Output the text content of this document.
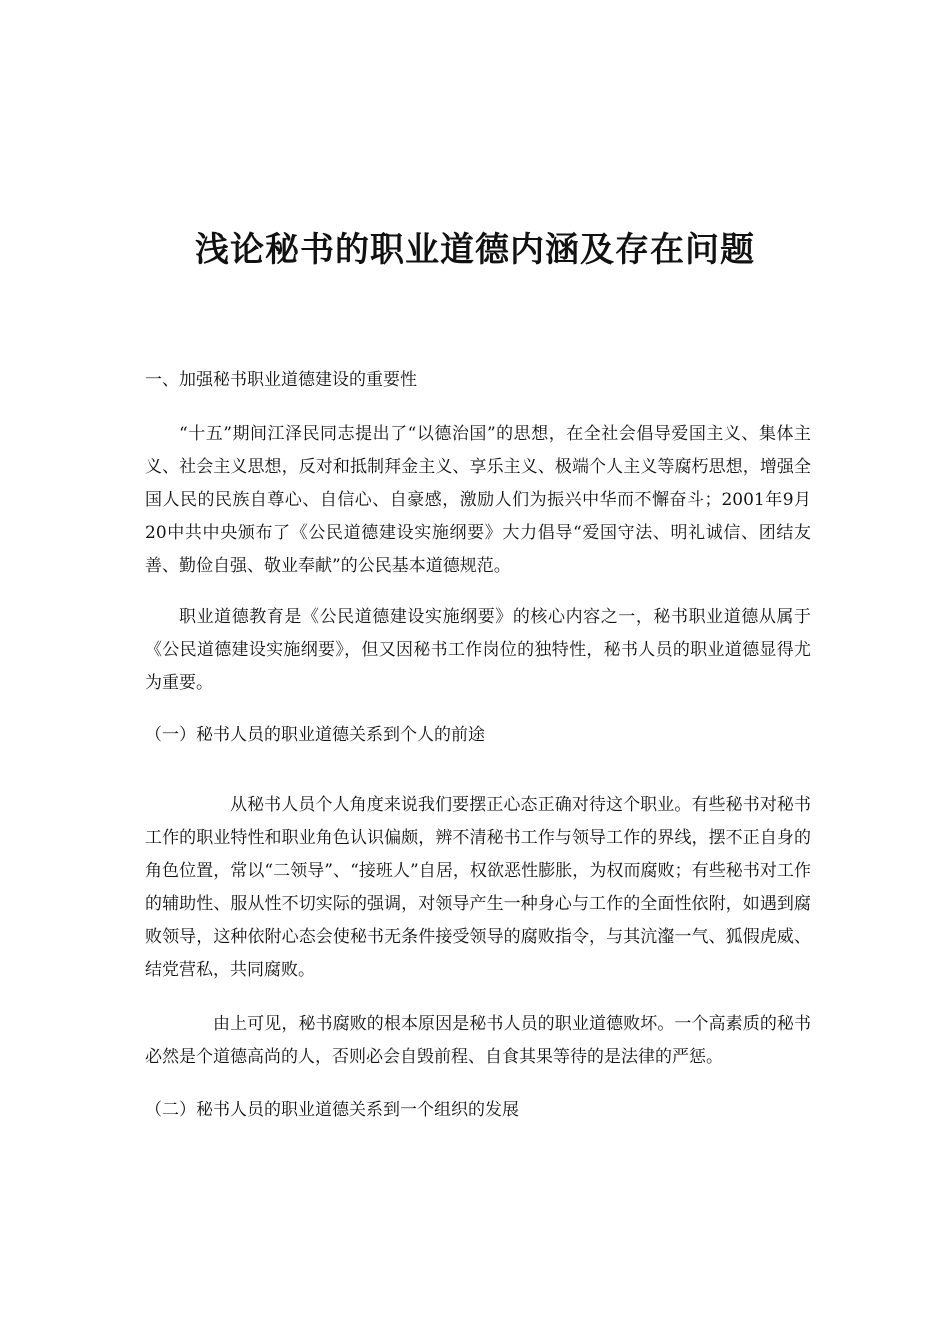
浅论秘书的职业道德内涵及存在问题

一、加强秘书职业道德建设的重要性

“十五”期间江泽民同志提出了“以德治国”的思想，在全社会倡导爱国主义、集体主义、社会主义思想，反对和抵制拜金主义、享乐主义、极端个人主义等腐朽思想，增强全国人民的民族自尊心、自信心、自豪感，激励人们为振兴中华而不懈奋斗；2001年9月20中共中央颁布了《公民道德建设实施纲要》大力倡导“爱国守法、明礼诚信、团结友善、勤俭自强、敬业奉献”的公民基本道德规范。

职业道德教育是《公民道德建设实施纲要》的核心内容之一，秘书职业道德从属于《公民道德建设实施纲要》，但又因秘书工作岗位的独特性，秘书人员的职业道德显得尤为重要。

（一）秘书人员的职业道德关系到个人的前途

从秘书人员个人角度来说我们要摆正心态正确对待这个职业。有些秘书对秘书工作的职业特性和职业角色认识偏颇，辨不清秘书工作与领导工作的界线，摆不正自身的角色位置，常以“二领导”、“接班人”自居，权欲恶性膨胀，为权而腐败；有些秘书对工作的辅助性、服从性不切实际的强调，对领导产生一种身心与工作的全面性依附，如遇到腐败领导，这种依附心态会使秘书无条件接受领导的腐败指令，与其沆瀣一气、狐假虎威、结党营私，共同腐败。

由上可见，秘书腐败的根本原因是秘书人员的职业道德败坏。一个高素质的秘书必然是个道德高尚的人，否则必会自毁前程、自食其果等待的是法律的严惩。

（二）秘书人员的职业道德关系到一个组织的发展
